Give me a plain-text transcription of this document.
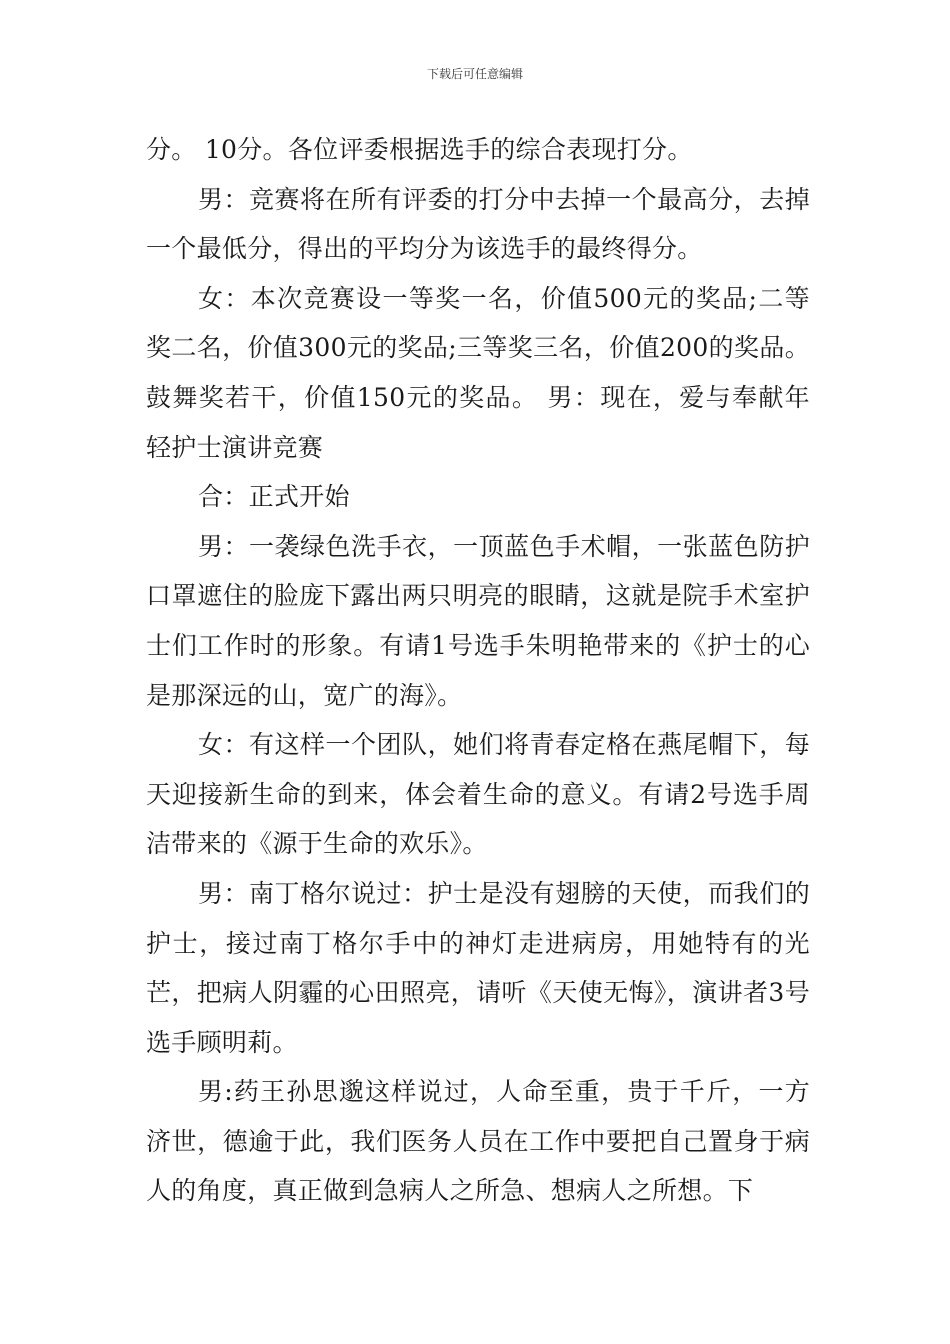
下载后可任意编辑

分。 10分。各位评委根据选手的综合表现打分。

男：竞赛将在所有评委的打分中去掉一个最高分，去掉一个最低分，得出的平均分为该选手的最终得分。

女：本次竞赛设一等奖一名，价值500元的奖品;二等奖二名，价值300元的奖品;三等奖三名，价值200的奖品。鼓舞奖若干，价值150元的奖品。 男：现在，爱与奉献年轻护士演讲竞赛

合：正式开始

男：一袭绿色洗手衣，一顶蓝色手术帽，一张蓝色防护口罩遮住的脸庞下露出两只明亮的眼睛，这就是院手术室护士们工作时的形象。有请1号选手朱明艳带来的《护士的心是那深远的山，宽广的海》。

女：有这样一个团队，她们将青春定格在燕尾帽下，每天迎接新生命的到来，体会着生命的意义。有请2号选手周洁带来的《源于生命的欢乐》。

男：南丁格尔说过：护士是没有翅膀的天使，而我们的护士，接过南丁格尔手中的神灯走进病房，用她特有的光芒，把病人阴霾的心田照亮，请听《天使无悔》，演讲者3号选手顾明莉。

男:药王孙思邈这样说过，人命至重，贵于千斤，一方济世，德逾于此，我们医务人员在工作中要把自己置身于病人的角度，真正做到急病人之所急、想病人之所想。下
